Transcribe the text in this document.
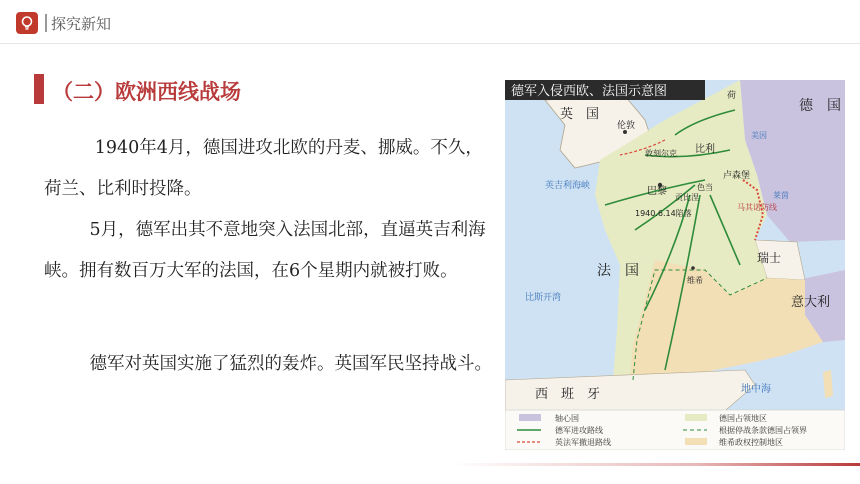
探究新知
（二）欧洲西线战场

1940年4月，德国进攻北欧的丹麦、挪威。不久，荷兰、比利时投降。

5月，德军出其不意地突入法国北部，直逼英吉利海峡。拥有数百万大军的法国，在6个星期内就被打败。

德军对英国实施了猛烈的轰炸。英国军民坚持战斗。

德军入侵西欧、法国示意图
英　国
伦敦
敦刻尔克
荷
比利
卢森堡
德　国
英吉利海峡	巴黎	色当
贡比涅
1940.6.14陷落
马其诺防线
法　国
维希
瑞士
意大利
比斯开湾
西　班　牙	地中海
莱茵
美因
轴心国
德军进攻路线
英法军撤退路线
德国占领地区
根据停战条款德国占领界
维希政权控制地区
